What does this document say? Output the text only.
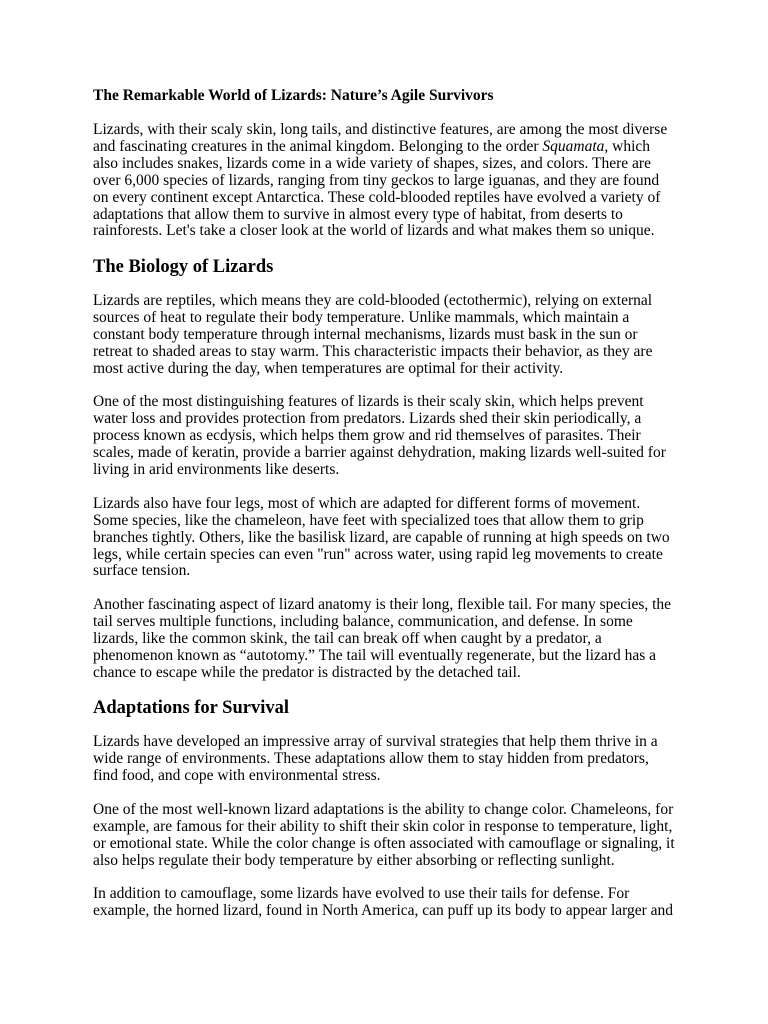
The Remarkable World of Lizards: Nature’s Agile Survivors

Lizards, with their scaly skin, long tails, and distinctive features, are among the most diverse and fascinating creatures in the animal kingdom. Belonging to the order Squamata, which also includes snakes, lizards come in a wide variety of shapes, sizes, and colors. There are over 6,000 species of lizards, ranging from tiny geckos to large iguanas, and they are found on every continent except Antarctica. These cold-blooded reptiles have evolved a variety of adaptations that allow them to survive in almost every type of habitat, from deserts to rainforests. Let's take a closer look at the world of lizards and what makes them so unique.

The Biology of Lizards

Lizards are reptiles, which means they are cold-blooded (ectothermic), relying on external sources of heat to regulate their body temperature. Unlike mammals, which maintain a constant body temperature through internal mechanisms, lizards must bask in the sun or retreat to shaded areas to stay warm. This characteristic impacts their behavior, as they are most active during the day, when temperatures are optimal for their activity.

One of the most distinguishing features of lizards is their scaly skin, which helps prevent water loss and provides protection from predators. Lizards shed their skin periodically, a process known as ecdysis, which helps them grow and rid themselves of parasites. Their scales, made of keratin, provide a barrier against dehydration, making lizards well-suited for living in arid environments like deserts.

Lizards also have four legs, most of which are adapted for different forms of movement. Some species, like the chameleon, have feet with specialized toes that allow them to grip branches tightly. Others, like the basilisk lizard, are capable of running at high speeds on two legs, while certain species can even "run" across water, using rapid leg movements to create surface tension.

Another fascinating aspect of lizard anatomy is their long, flexible tail. For many species, the tail serves multiple functions, including balance, communication, and defense. In some lizards, like the common skink, the tail can break off when caught by a predator, a phenomenon known as “autotomy.” The tail will eventually regenerate, but the lizard has a chance to escape while the predator is distracted by the detached tail.

Adaptations for Survival

Lizards have developed an impressive array of survival strategies that help them thrive in a wide range of environments. These adaptations allow them to stay hidden from predators, find food, and cope with environmental stress.

One of the most well-known lizard adaptations is the ability to change color. Chameleons, for example, are famous for their ability to shift their skin color in response to temperature, light, or emotional state. While the color change is often associated with camouflage or signaling, it also helps regulate their body temperature by either absorbing or reflecting sunlight.

In addition to camouflage, some lizards have evolved to use their tails for defense. For example, the horned lizard, found in North America, can puff up its body to appear larger and
